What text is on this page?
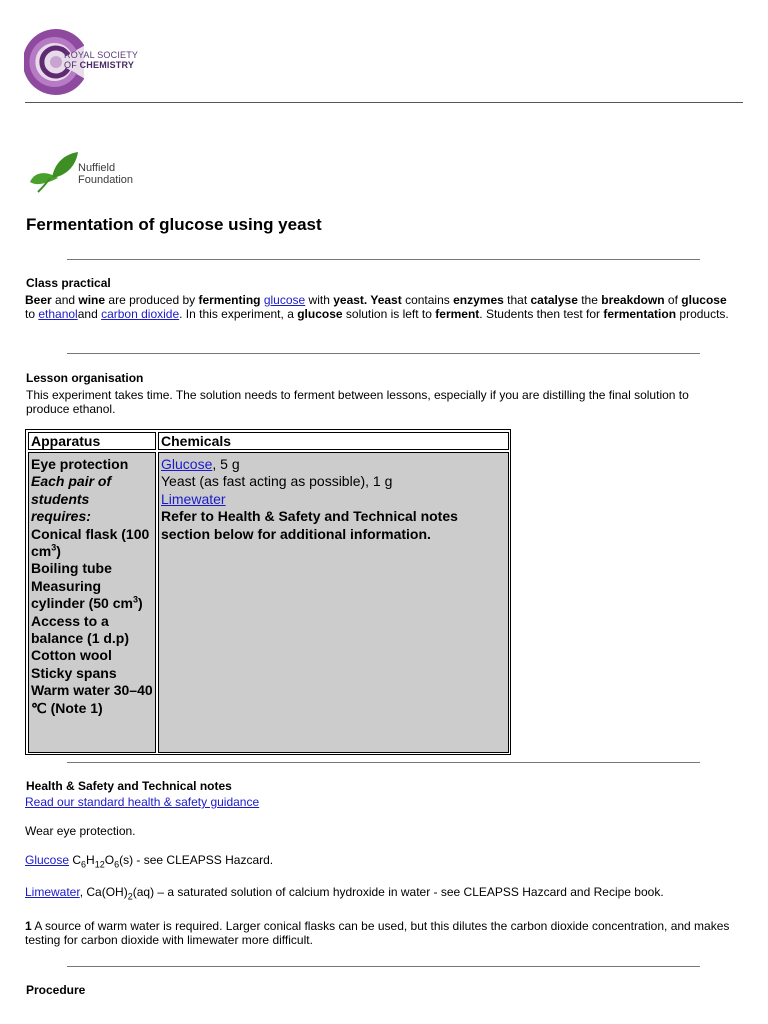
ROYAL SOCIETY
OF CHEMISTRY
Nuffield
Foundation
Fermentation of glucose using yeast
Class practical
Beer and wine are produced by fermenting glucose with yeast. Yeast contains enzymes that catalyse the breakdown of glucose to ethanoland carbon dioxide. In this experiment, a glucose solution is left to ferment. Students then test for fermentation products.
Lesson organisation
This experiment takes time. The solution needs to ferment between lessons, especially if you are distilling the final solution to produce ethanol.
Apparatus	Chemicals
Eye protection
Each pair of students requires:
Conical flask (100 $cm^3$)
Boiling tube
Measuring cylinder (50 $cm^3$)
Access to a balance (1 d.p)
Cotton wool
Sticky spans
Warm water 30–40 ℃ (Note 1)
Glucose, 5 g
Yeast (as fast acting as possible), 1 g
Limewater
Refer to Health & Safety and Technical notes section below for additional information.
Health & Safety and Technical notes
Read our standard health & safety guidance
Wear eye protection.
Glucose $C_6H_{12}O_6(s)$ - see CLEAPSS Hazcard.
Limewater, $Ca(OH)_2(aq)$ – a saturated solution of calcium hydroxide in water - see CLEAPSS Hazcard and Recipe book.
1 A source of warm water is required. Larger conical flasks can be used, but this dilutes the carbon dioxide concentration, and makes testing for carbon dioxide with limewater more difficult.
Procedure
